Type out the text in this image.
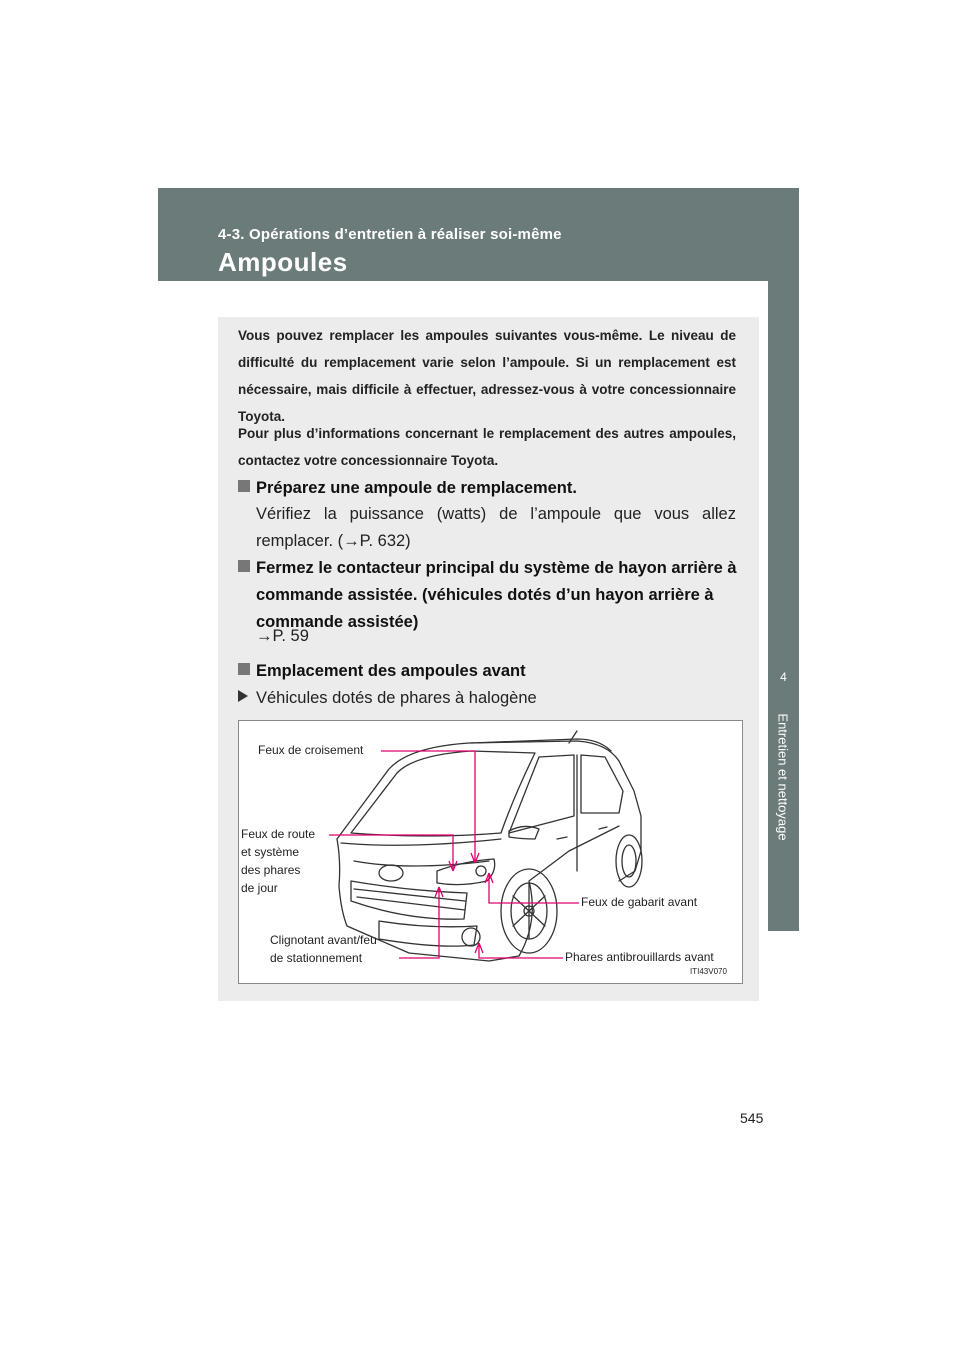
4-3. Opérations d’entretien à réaliser soi-même
Ampoules
4
Entretien et nettoyage
Vous pouvez remplacer les ampoules suivantes vous-même. Le niveau de difficulté du remplacement varie selon l’ampoule. Si un remplacement est nécessaire, mais difficile à effectuer, adressez-vous à votre concessionnaire Toyota.
Pour plus d’informations concernant le remplacement des autres ampoules, contactez votre concessionnaire Toyota.
Préparez une ampoule de remplacement.
Vérifiez la puissance (watts) de l’ampoule que vous allez remplacer. (→P. 632)
Fermez le contacteur principal du système de hayon arrière à commande assistée. (véhicules dotés d’un hayon arrière à commande assistée)
→P. 59
Emplacement des ampoules avant
Véhicules dotés de phares à halogène
Feux de croisement
Feux de route
et système
des phares
de jour
Feux de gabarit avant
Clignotant avant/feu
de stationnement	Phares antibrouillards avant
ITI43V070
545
